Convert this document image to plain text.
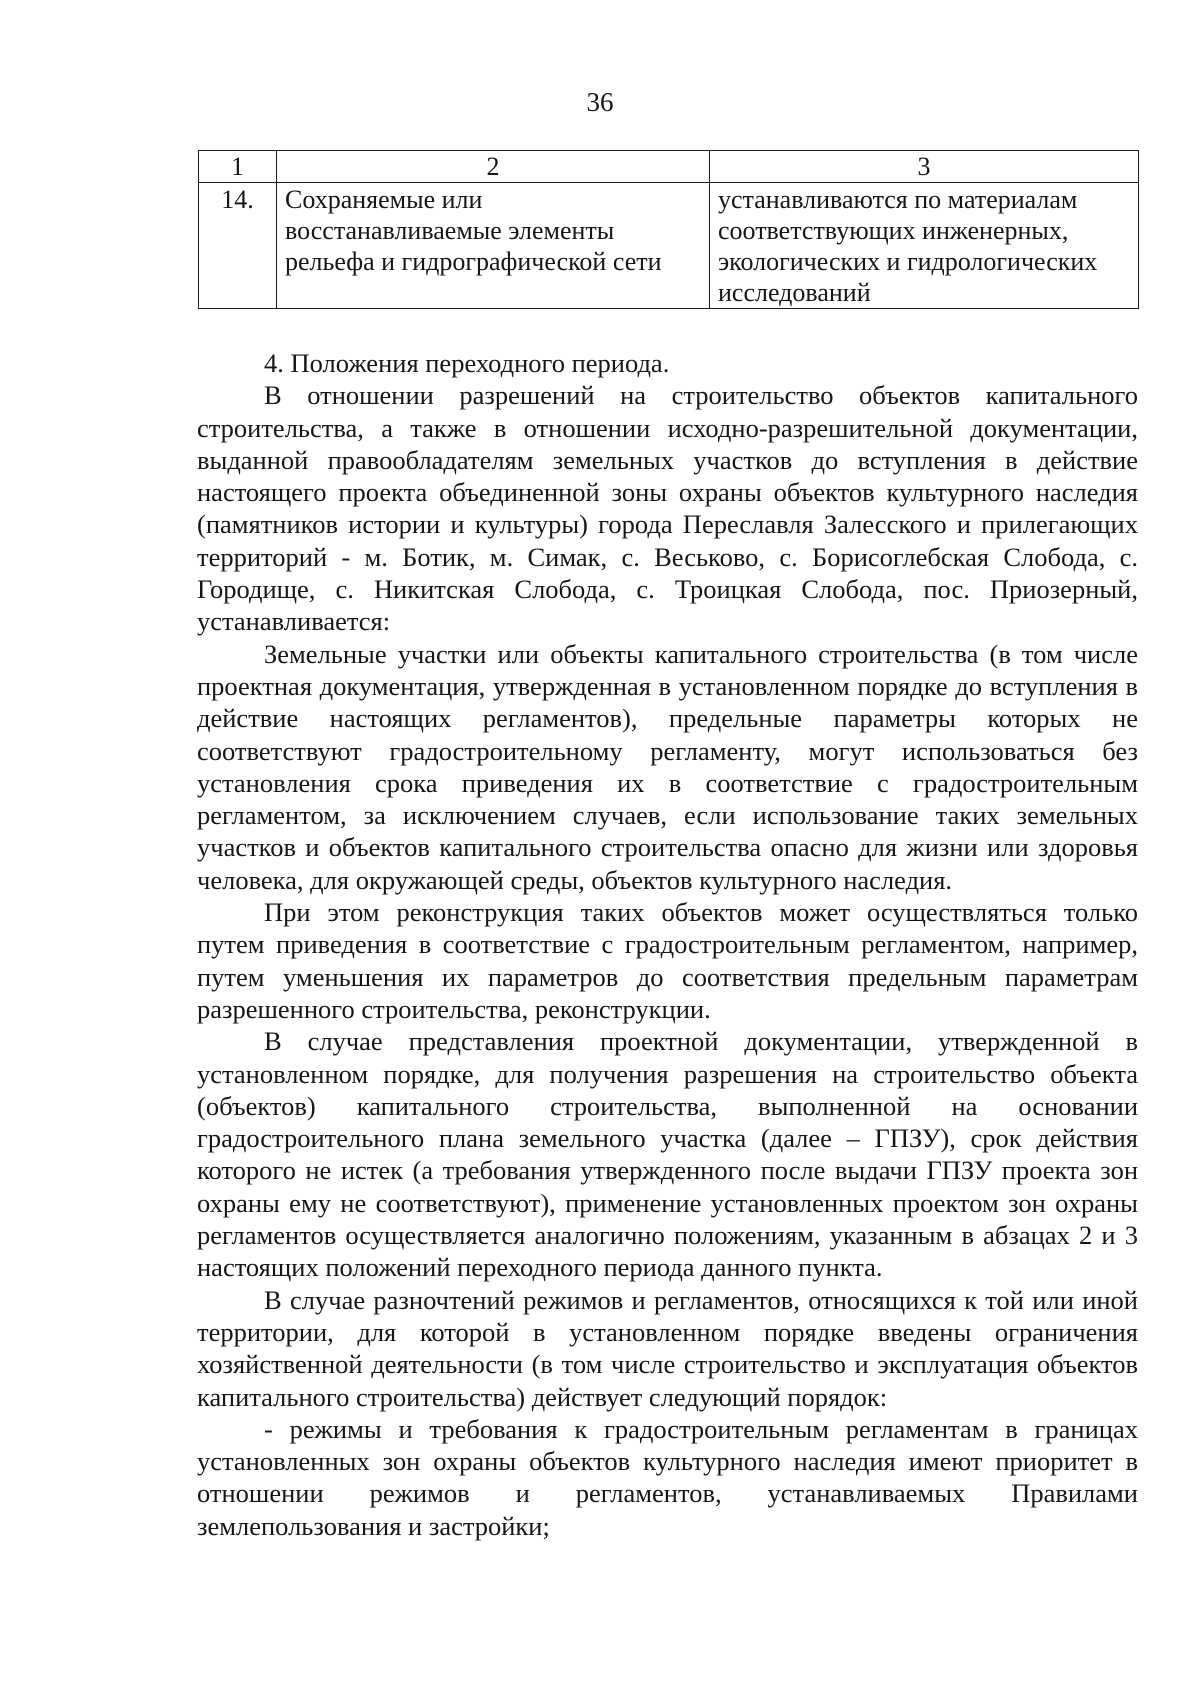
36
1	2	3
14.	Сохраняемые или восстанавливаемые элементы рельефа и гидрографической сети	устанавливаются по материалам соответствующих инженерных, экологических и гидрологических исследований

4. Положения переходного периода.

В отношении разрешений на строительство объектов капитального строительства, а также в отношении исходно-разрешительной документации, выданной правообладателям земельных участков до вступления в действие настоящего проекта объединенной зоны охраны объектов культурного наследия (памятников истории и культуры) города Переславля Залесского и прилегающих территорий - м. Ботик, м. Симак, с. Веськово, с. Борисоглебская Слобода, с. Городище, с. Никитская Слобода, с. Троицкая Слобода, пос. Приозерный, устанавливается:

Земельные участки или объекты капитального строительства (в том числе проектная документация, утвержденная в установленном порядке до вступления в действие настоящих регламентов), предельные параметры которых не соответствуют градостроительному регламенту, могут использоваться без установления срока приведения их в соответствие с градостроительным регламентом, за исключением случаев, если использование таких земельных участков и объектов капитального строительства опасно для жизни или здоровья человека, для окружающей среды, объектов культурного наследия.

При этом реконструкция таких объектов может осуществляться только путем приведения в соответствие с градостроительным регламентом, например, путем уменьшения их параметров до соответствия предельным параметрам разрешенного строительства, реконструкции.

В случае представления проектной документации, утвержденной в установленном порядке, для получения разрешения на строительство объекта (объектов) капитального строительства, выполненной на основании градостроительного плана земельного участка (далее – ГПЗУ), срок действия которого не истек (а требования утвержденного после выдачи ГПЗУ проекта зон охраны ему не соответствуют), применение установленных проектом зон охраны регламентов осуществляется аналогично положениям, указанным в абзацах 2 и 3 настоящих положений переходного периода данного пункта.

В случае разночтений режимов и регламентов, относящихся к той или иной территории, для которой в установленном порядке введены ограничения хозяйственной деятельности (в том числе строительство и эксплуатация объектов капитального строительства) действует следующий порядок:

- режимы и требования к градостроительным регламентам в границах установленных зон охраны объектов культурного наследия имеют приоритет в отношении режимов и регламентов, устанавливаемых Правилами землепользования и застройки;
